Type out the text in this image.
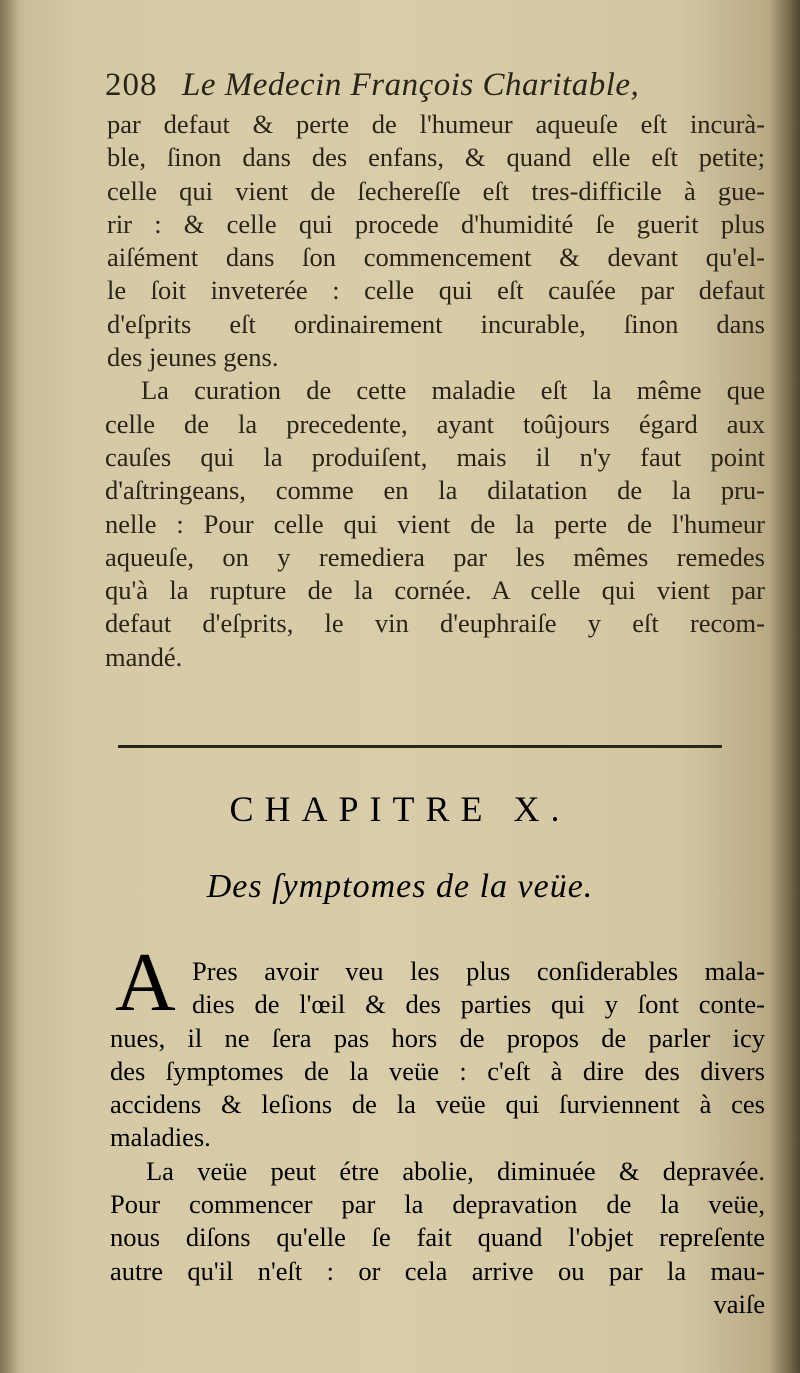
208 Le Medecin François Charitable,
par defaut & perte de l'humeur aqueuſe eſt incurà-
ble, ſinon dans des enfans, & quand elle eſt petite;
celle qui vient de ſechereſſe eſt tres-difficile à gue-
rir : & celle qui procede d'humidité ſe guerit plus
aiſément dans ſon commencement & devant qu'el-
le ſoit inveterée : celle qui eſt cauſée par defaut
d'eſprits eſt ordinairement incurable, ſinon dans
des jeunes gens.
La curation de cette maladie eſt la même que
celle de la precedente, ayant toûjours égard aux
cauſes qui la produiſent, mais il n'y faut point
d'aſtringeans, comme en la dilatation de la pru-
nelle : Pour celle qui vient de la perte de l'humeur
aqueuſe, on y remediera par les mêmes remedes
qu'à la rupture de la cornée. A celle qui vient par
defaut d'eſprits, le vin d'euphraiſe y eſt recom-
mandé.
CHAPITRE X.
Des ſymptomes de la veüe.
A Pres avoir veu les plus conſiderables mala-
dies de l'œil & des parties qui y ſont conte-
nues, il ne ſera pas hors de propos de parler icy
des ſymptomes de la veüe : c'eſt à dire des divers
accidens & leſions de la veüe qui ſurviennent à ces
maladies.
La veüe peut étre abolie, diminuée & depravée.
Pour commencer par la depravation de la veüe,
nous diſons qu'elle ſe fait quand l'objet repreſente
autre qu'il n'eſt : or cela arrive ou par la mau-
vaiſe
